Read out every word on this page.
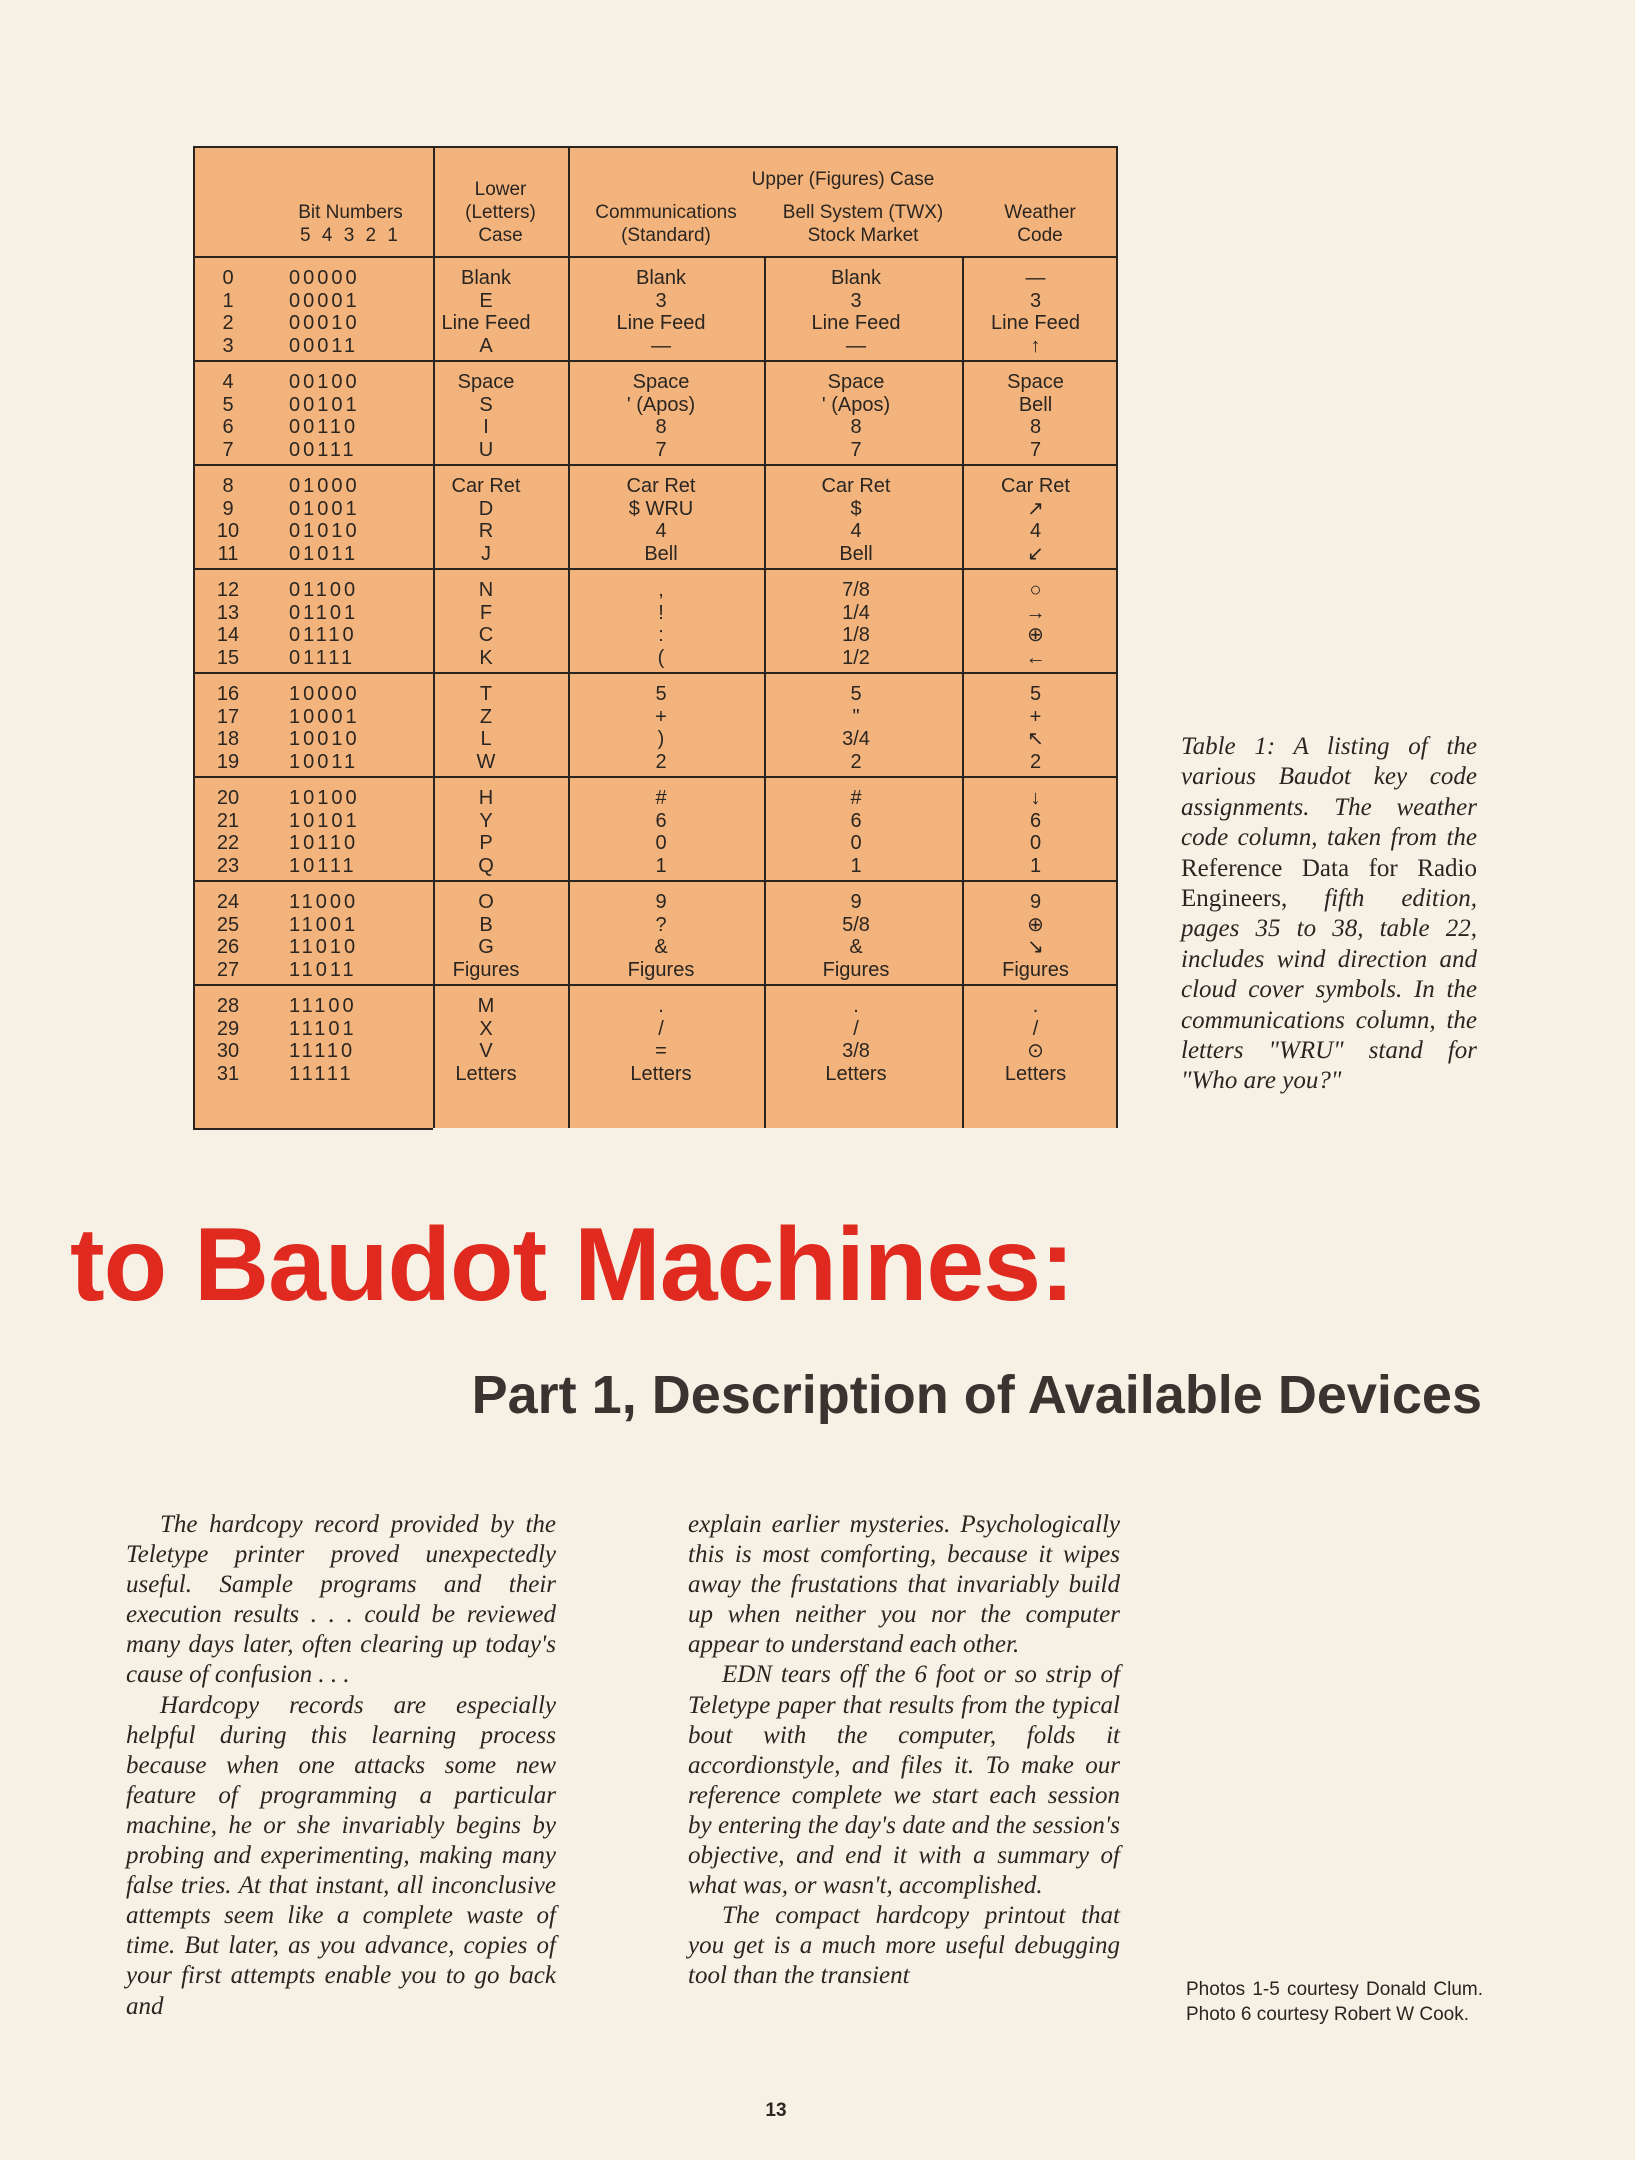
Bit Numbers
5 4 3 2 1
Lower
(Letters)
Case
Upper (Figures) Case
Communications
(Standard)
Bell System (TWX)
Stock Market
Weather
Code
0
1
2
3
00000
00001
00010
00011
Blank
E
Line Feed
A
Blank
3
Line Feed
—
Blank
3
Line Feed
—
—
3
Line Feed
↑
4
5
6
7
00100
00101
00110
00111
Space
S
I
U
Space
' (Apos)
8
7
Space
' (Apos)
8
7
Space
Bell
8
7
8
9
10
11
01000
01001
01010
01011
Car Ret
D
R
J
Car Ret
$ WRU
4
Bell
Car Ret
$
4
Bell
Car Ret
↗
4
↙
12
13
14
15
01100
01101
01110
01111
N
F
C
K
,
!
:
(
7/8
1/4
1/8
1/2
○
→
⊕
←
16
17
18
19
10000
10001
10010
10011
T
Z
L
W
5
+
)
2
5
"
3/4
2
5
+
↖
2
20
21
22
23
10100
10101
10110
10111
H
Y
P
Q
#
6
0
1
#
6
0
1
↓
6
0
1
24
25
26
27
11000
11001
11010
11011
O
B
G
Figures
9
?
&
Figures
9
5/8
&
Figures
9
⊕
↘
Figures
28
29
30
31
11100
11101
11110
11111
M
X
V
Letters
.
/
=
Letters
.
/
3/8
Letters
.
/
⊙
Letters
Table 1: A listing of the various Baudot key code assignments. The weather code column, taken from the Reference Data for Radio Engineers, fifth edition, pages 35 to 38, table 22, includes wind direction and cloud cover symbols. In the communications column, the letters "WRU" stand for "Who are you?"
to Baudot Machines:
Part 1, Description of Available Devices

The hardcopy record provided by the Teletype printer proved unexpectedly useful. Sample programs and their execution results . . . could be reviewed many days later, often clearing up today's cause of confusion . . .

Hardcopy records are especially helpful during this learning process because when one attacks some new feature of programming a particular machine, he or she invariably begins by probing and experimenting, making many false tries. At that instant, all inconclusive attempts seem like a complete waste of time. But later, as you advance, copies of your first attempts enable you to go back and

explain earlier mysteries. Psychologically this is most comforting, because it wipes away the frustations that invariably build up when neither you nor the computer appear to understand each other.

EDN tears off the 6 foot or so strip of Teletype paper that results from the typical bout with the computer, folds it accordionstyle, and files it. To make our reference complete we start each session by entering the day's date and the session's objective, and end it with a summary of what was, or wasn't, accomplished.

The compact hardcopy printout that you get is a much more useful debugging tool than the transient

Photos 1-5 courtesy Donald Clum. Photo 6 courtesy Robert W Cook.
13
